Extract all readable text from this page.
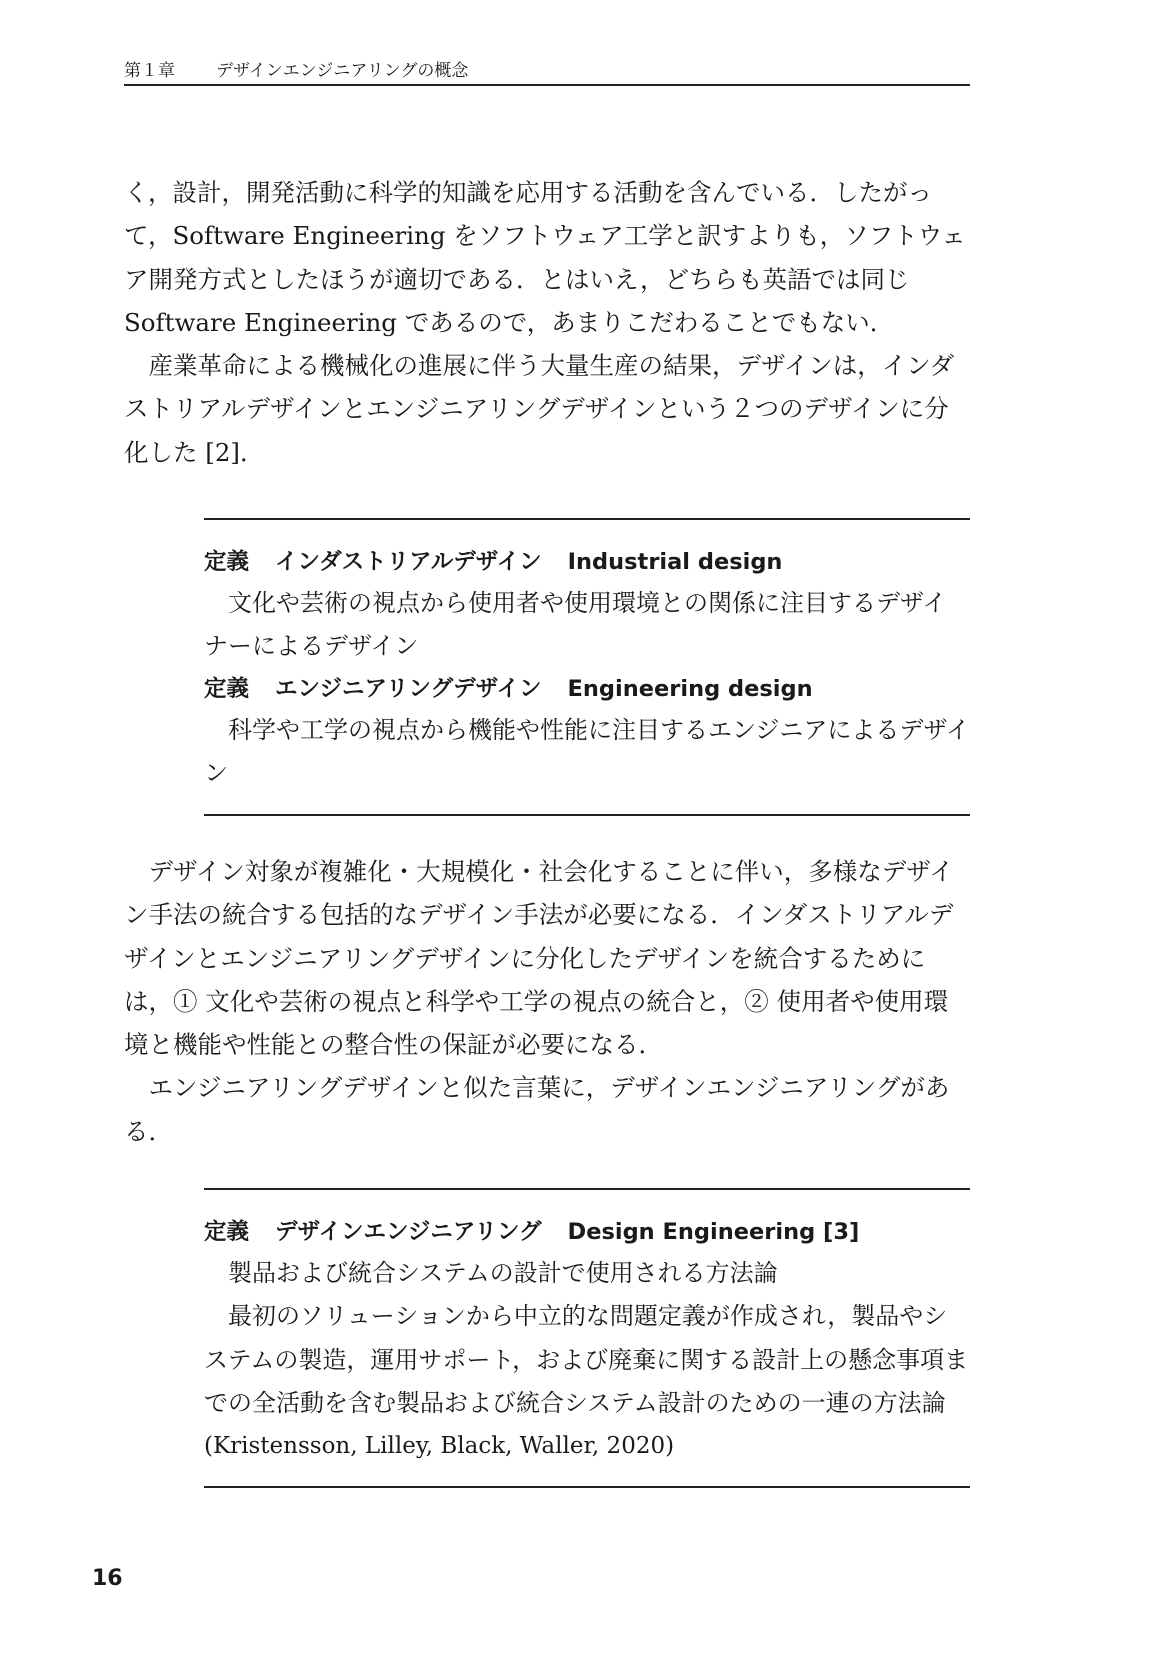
第１章 デザインエンジニアリングの概念

く，設計，開発活動に科学的知識を応用する活動を含んでいる．したがって，Software Engineering をソフトウェア工学と訳すよりも，ソフトウェア開発方式としたほうが適切である．とはいえ，どちらも英語では同じ Software Engineering であるので，あまりこだわることでもない．

産業革命による機械化の進展に伴う大量生産の結果，デザインは，インダストリアルデザインとエンジニアリングデザインという２つのデザインに分化した [2]．

定義 インダストリアルデザイン Industrial design

文化や芸術の視点から使用者や使用環境との関係に注目するデザイナーによるデザイン

定義 エンジニアリングデザイン Engineering design

科学や工学の視点から機能や性能に注目するエンジニアによるデザイン

デザイン対象が複雑化・大規模化・社会化することに伴い，多様なデザイン手法の統合する包括的なデザイン手法が必要になる．インダストリアルデザインとエンジニアリングデザインに分化したデザインを統合するためには，① 文化や芸術の視点と科学や工学の視点の統合と，② 使用者や使用環境と機能や性能との整合性の保証が必要になる．

エンジニアリングデザインと似た言葉に，デザインエンジニアリングがある．

定義 デザインエンジニアリング Design Engineering [3]

製品および統合システムの設計で使用される方法論

最初のソリューションから中立的な問題定義が作成され，製品やシステムの製造，運用サポート，および廃棄に関する設計上の懸念事項までの全活動を含む製品および統合システム設計のための一連の方法論

(Kristensson, Lilley, Black, Waller, 2020)

16
